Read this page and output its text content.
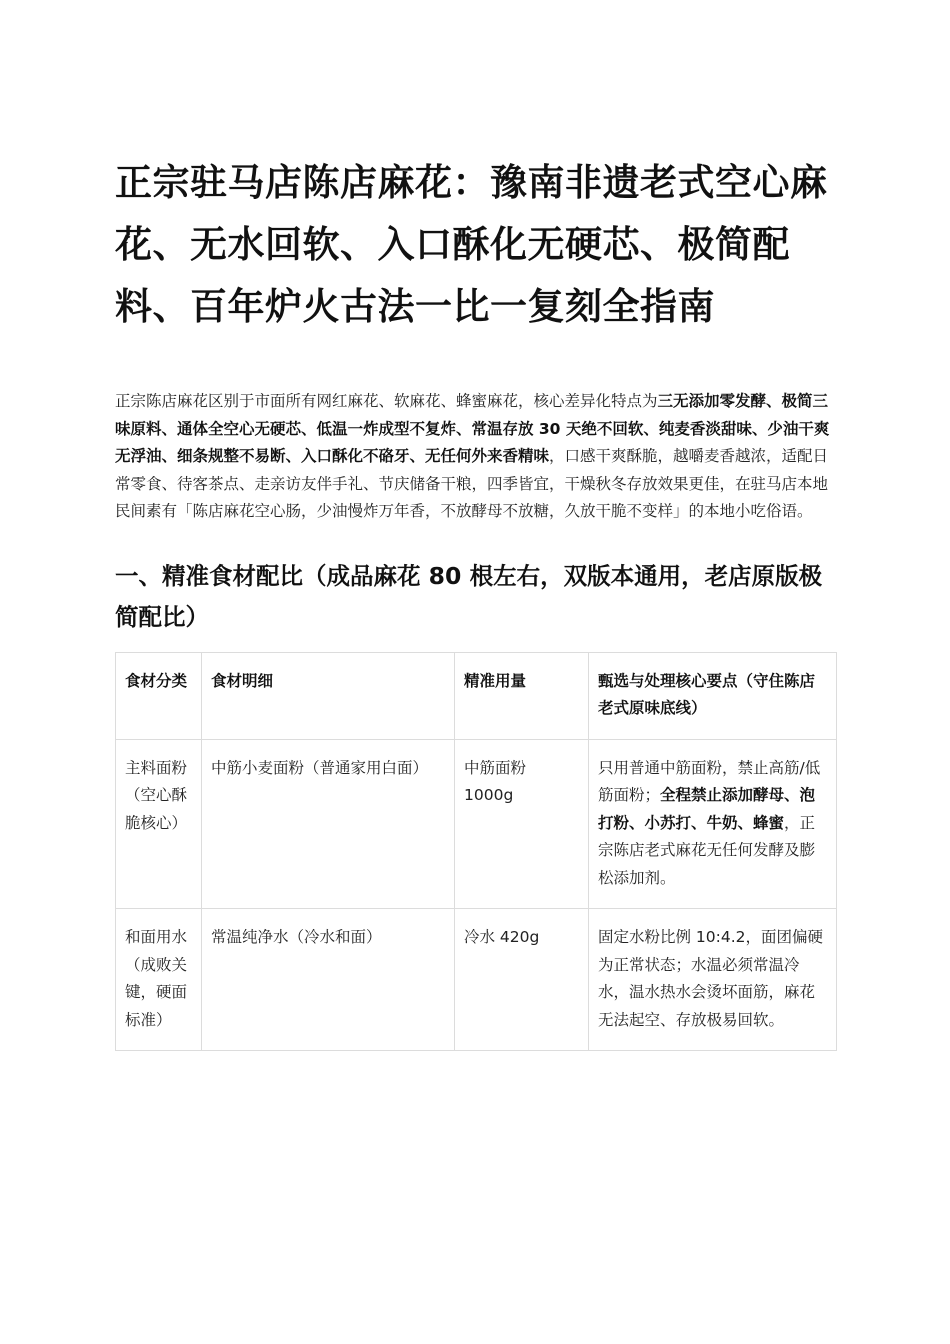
正宗驻马店陈店麻花：豫南非遗老式空心麻花、无水回软、入口酥化无硬芯、极简配料、百年炉火古法一比一复刻全指南

正宗陈店麻花区别于市面所有网红麻花、软麻花、蜂蜜麻花，核心差异化特点为三无添加零发酵、极简三味原料、通体全空心无硬芯、低温一炸成型不复炸、常温存放 30 天绝不回软、纯麦香淡甜味、少油干爽无浮油、细条规整不易断、入口酥化不硌牙、无任何外来香精味，口感干爽酥脆，越嚼麦香越浓，适配日常零食、待客茶点、走亲访友伴手礼、节庆储备干粮，四季皆宜，干燥秋冬存放效果更佳，在驻马店本地民间素有「陈店麻花空心肠，少油慢炸万年香，不放酵母不放糖，久放干脆不变样」的本地小吃俗语。

一、精准食材配比（成品麻花 80 根左右，双版本通用，老店原版极简配比）
食材分类	食材明细	精准用量	甄选与处理核心要点（守住陈店老式原味底线）
主料面粉（空心酥脆核心）	中筋小麦面粉（普通家用白面）	中筋面粉 1000g	只用普通中筋面粉，禁止高筋/低筋面粉；全程禁止添加酵母、泡打粉、小苏打、牛奶、蜂蜜，正宗陈店老式麻花无任何发酵及膨松添加剂。
和面用水（成败关键，硬面标准）	常温纯净水（冷水和面）	冷水 420g	固定水粉比例 10:4.2，面团偏硬为正常状态；水温必须常温冷水，温水热水会烫坏面筋，麻花无法起空、存放极易回软。
